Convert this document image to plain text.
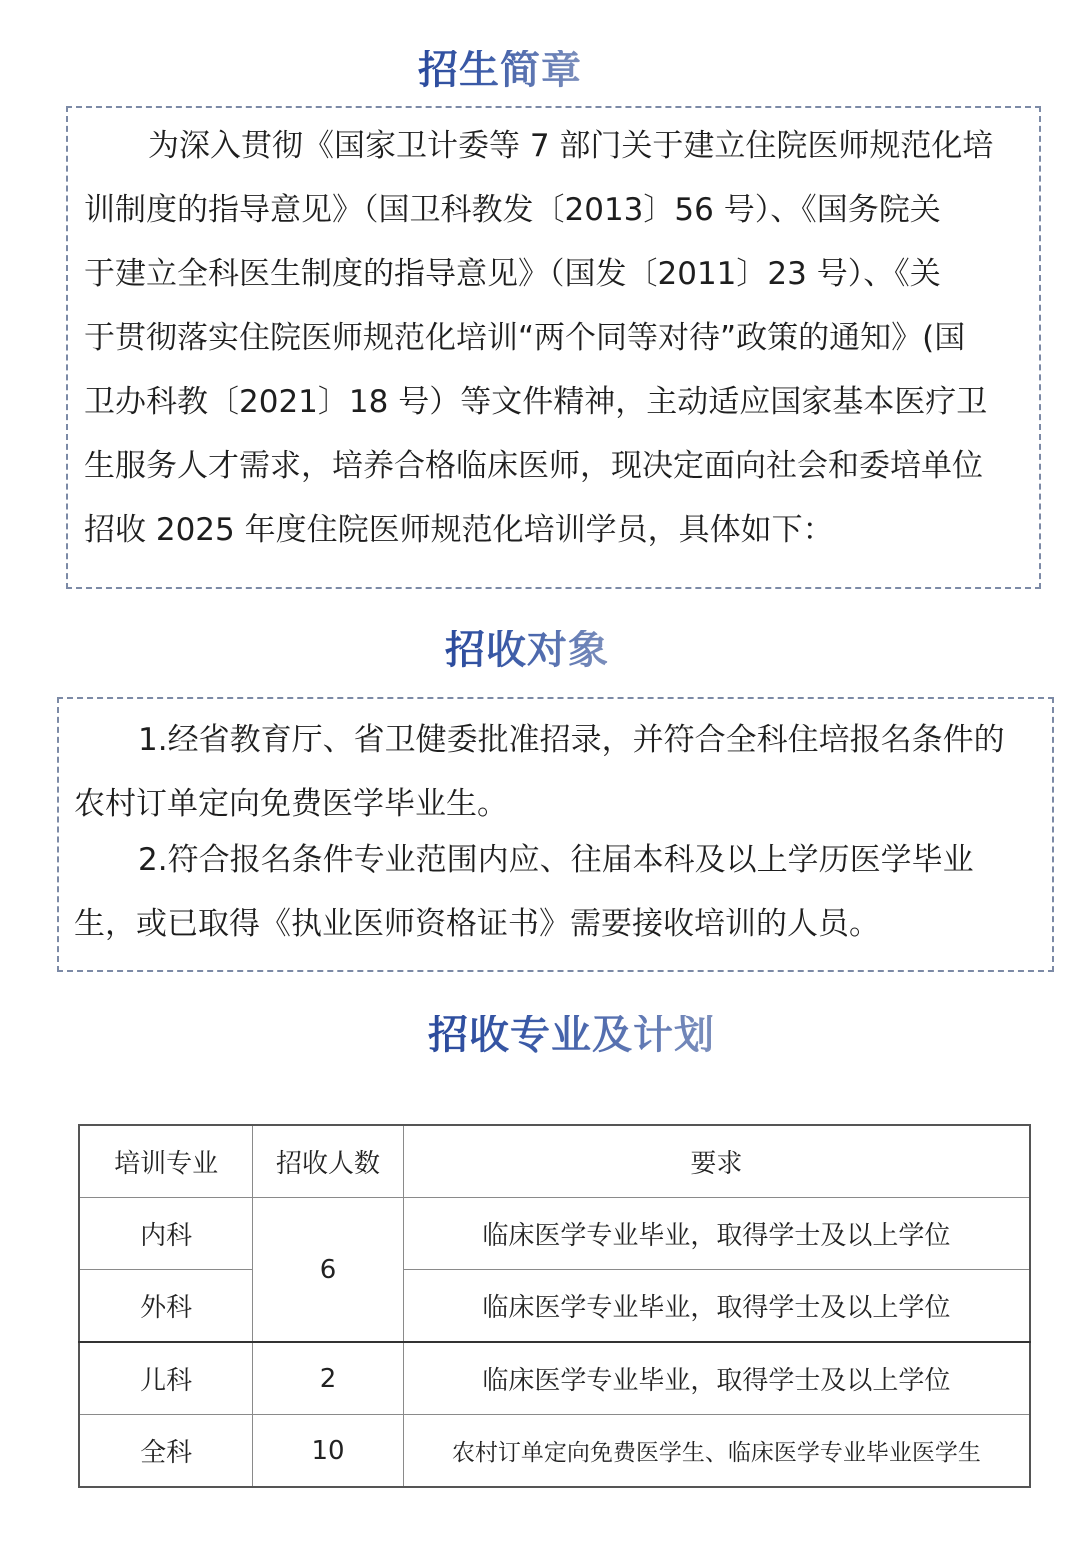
招生简章
为深入贯彻《国家卫计委等 7 部门关于建立住院医师规范化培
训制度的指导意见》（国卫科教发〔2013〕56 号）、《国务院关
于建立全科医生制度的指导意见》（国发〔2011〕23 号）、《关
于贯彻落实住院医师规范化培训“两个同等对待”政策的通知》(国
卫办科教〔2021〕18 号）等文件精神，主动适应国家基本医疗卫
生服务人才需求，培养合格临床医师，现决定面向社会和委培单位
招收 2025 年度住院医师规范化培训学员，具体如下：
招收对象
1.经省教育厅、省卫健委批准招录，并符合全科住培报名条件的
农村订单定向免费医学毕业生。
2.符合报名条件专业范围内应、往届本科及以上学历医学毕业
生，或已取得《执业医师资格证书》需要接收培训的人员。
招收专业及计划
培训专业	招收人数	要求
内科	6	临床医学专业毕业，取得学士及以上学位
外科		临床医学专业毕业，取得学士及以上学位
儿科	2	临床医学专业毕业，取得学士及以上学位
全科	10	农村订单定向免费医学生、临床医学专业毕业医学生
